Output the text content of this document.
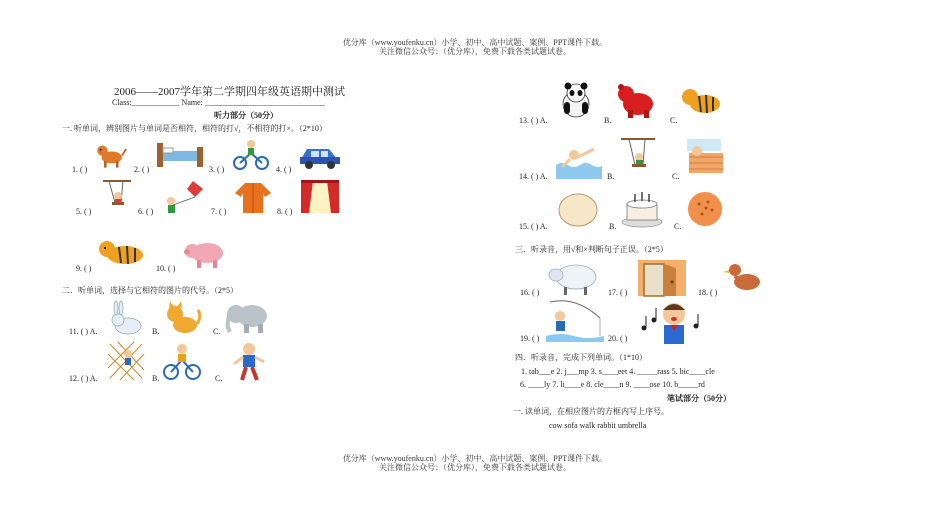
优分库（www.youfenku.cn）小学、初中、高中试题、案例、PPT课件下载。
关注微信公众号：（优分库），免费下载各类试题试卷。
2006——2007学年第二学期四年级英语期中测试
Class:____________ Name: ______________________________
听力部分（50分）
一. 听单词，辨别图片与单词是否相符，相符的打√，不相符的打×。（2*10）
1. ( )	2. ( )	3. ( )	4. ( )
5. ( )	6. ( )	7. ( )	8. ( )
9. ( )	10. ( )
二．听单词，选择与它相符的图片的代号。（2*5）
11. ( ) A.	B.	C.
12. ( ) A.	B.	C.
13. ( ) A.	B.	C.
14. ( ) A.	B.	C.
15. ( ) A.	B.	C.
三．听录音，用√和×判断句子正误。（2*5）
16. ( )	17. ( )	18. ( )
19. ( )	20. ( )
四．听录音，完成下列单词。（1*10）
1. tab___e 2. j___mp 3. s____eet 4. _____rass 5. bic____cle
6. ____ly 7. li____e 8. cle____n 9. ____ose 10. b_____rd
笔试部分（50分）
一. 读单词，在相应图片的方框内写上序号。
cow sofa walk rabbit umbrella
优分库（www.youfenku.cn）小学、初中、高中试题、案例、PPT课件下载。
关注微信公众号：（优分库），免费下载各类试题试卷。
